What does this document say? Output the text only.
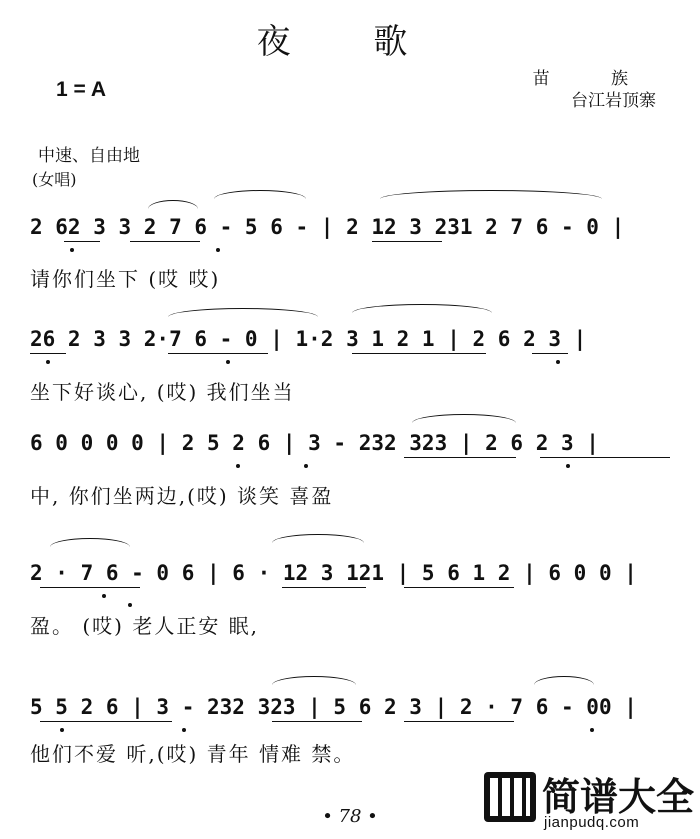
夜 歌
1 = A	苗 族
台江岩顶寨
中速、自由地
(女唱)
2 62 3 3 2 7 6 - 5 6 - | 2 12 3 231 2 7 6 - 0 |
请你们坐下 (哎 哎)
26 2 3 3 2·7 6 - 0 | 1·2 3 1 2 1 | 2 6 2 3 |
坐下好谈心, (哎) 我们坐当
6 0 0 0 0 | 2 5 2 6 | 3 - 232 323 | 2 6 2 3 |
中, 你们坐两边,(哎) 谈笑 喜盈
2 · 7 6 - 0 6 | 6 · 12 3 121 | 5 6 1 2 | 6 0 0 |
盈。 (哎) 老人正安 眠,
5 5 2 6 | 3 - 232 323 | 5 6 2 3 | 2 · 7 6 - 00 |
他们不爱 听,(哎) 青年 情难 禁。
• 78 •	简谱大全
jianpudq.com
